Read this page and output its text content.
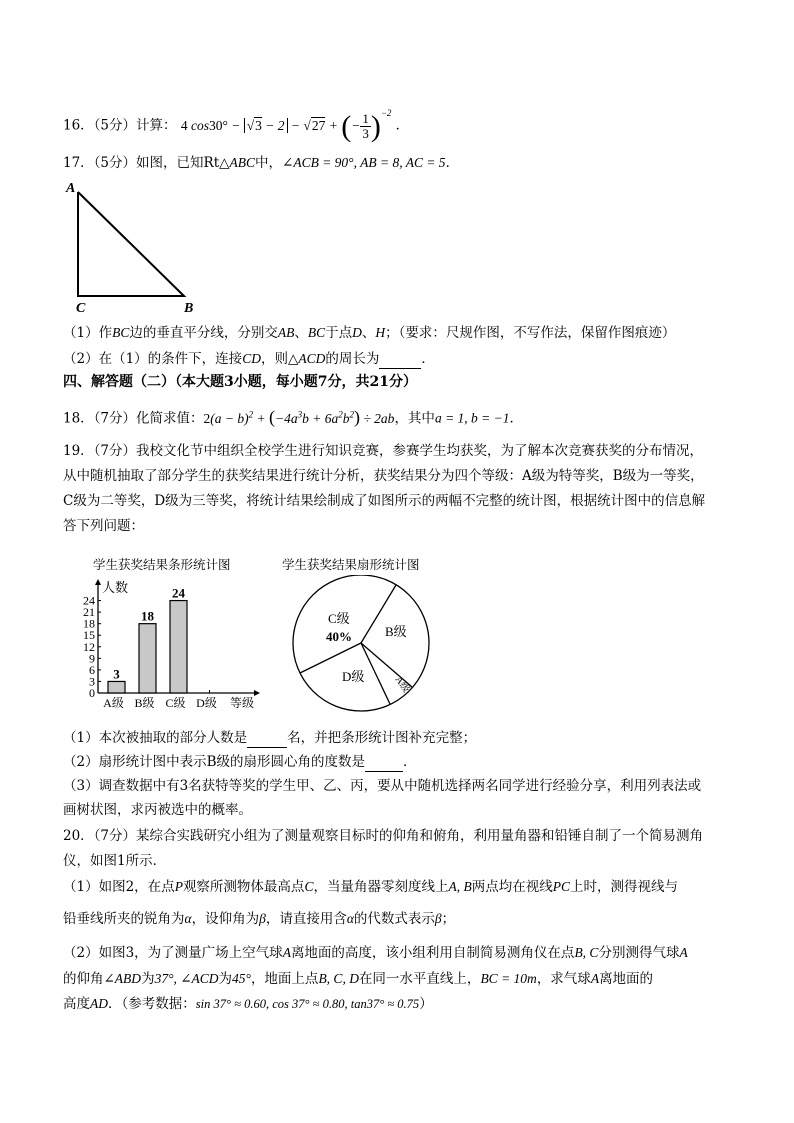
16．（5分）计算： 4 cos30° − √3 − 2 − √27 + (− $\frac{1}{3} )^{-2}$ ．
17．（5分）如图，已知Rt△ABC中，∠ACB = 90°, AB = 8, AC = 5．
A
C	B
（1）作BC边的垂直平分线，分别交AB、BC于点D、H；（要求：尺规作图，不写作法，保留作图痕迹）
（2）在（1）的条件下，连接CD，则△ACD的周长为	．
四、解答题（二）（本大题3小题，每小题7分，共21分）
18．（7分）化简求值：$2(a - b)^2 + (-4a^3b + 6a^2b^2) \div 2ab$，其中a = 1, b = −1．
19．（7分）我校文化节中组织全校学生进行知识竞赛，参赛学生均获奖，为了解本次竞赛获奖的分布情况，
从中随机抽取了部分学生的获奖结果进行统计分析，获奖结果分为四个等级：A级为特等奖，B级为一等奖，
C级为二等奖，D级为三等奖，将统计结果绘制成了如图所示的两幅不完整的统计图，根据统计图中的信息解
答下列问题：
学生获奖结果条形统计图
人数
0
3
6
9
12
15
18
21
24
3
A级
18
B级
24
C级 D级 等级
学生获奖结果扇形统计图
C级
40%	B级
D级	A级
（1）本次被抽取的部分人数是	名，并把条形统计图补充完整；
（2）扇形统计图中表示B级的扇形圆心角的度数是	．
（3）调查数据中有3名获特等奖的学生甲、乙、丙，要从中随机选择两名同学进行经验分享，利用列表法或
画树状图，求丙被选中的概率。
20．（7分）某综合实践研究小组为了测量观察目标时的仰角和俯角，利用量角器和铅锤自制了一个简易测角
仪，如图1所示．
（1）如图2，在点P观察所测物体最高点C，当量角器零刻度线上A, B两点均在视线PC上时，测得视线与
铅垂线所夹的锐角为α，设仰角为β，请直接用含α的代数式表示β；
（2）如图3，为了测量广场上空气球A离地面的高度，该小组利用自制简易测角仪在点B, C分别测得气球A
的仰角∠ABD为37°, ∠ACD为45°，地面上点B, C, D在同一水平直线上，BC = 10m，求气球A离地面的
高度AD．（参考数据：sin 37° ≈ 0.60, cos 37° ≈ 0.80, tan37° ≈ 0.75）
